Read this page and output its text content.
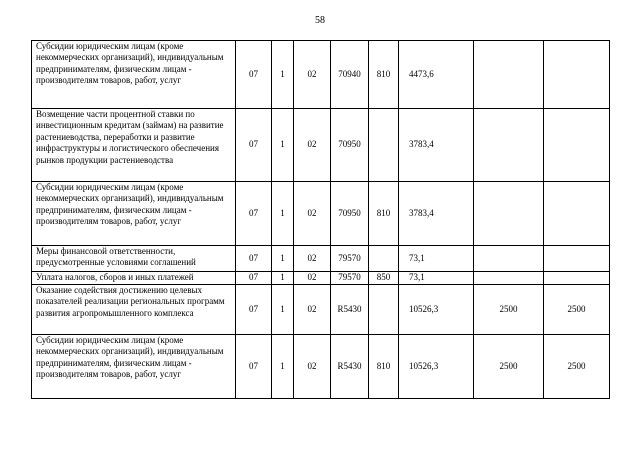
58
Субсидии юридическим лицам (кроме некоммерческих организаций), индивидуальным предпринимателям, физическим лицам - производителям товаров, работ, услуг	07	1	02	70940	810	4473,6		
Возмещение части процентной ставки по инвестиционным кредитам (займам) на развитие растениеводства, переработки и развитие инфраструктуры и логистического обеспечения рынков продукции растениеводства	07	1	02	70950		3783,4		
Субсидии юридическим лицам (кроме некоммерческих организаций), индивидуальным предпринимателям, физическим лицам - производителям товаров, работ, услуг	07	1	02	70950	810	3783,4		
Меры финансовой ответственности, предусмотренные условиями соглашений	07	1	02	79570		73,1		
Уплата налогов, сборов и иных платежей	07	1	02	79570	850	73,1		
Оказание содействия достижению целевых показателей реализации региональных программ развития агропромышленного комплекса	07	1	02	R5430		10526,3	2500	2500
Субсидии юридическим лицам (кроме некоммерческих организаций), индивидуальным предпринимателям, физическим лицам - производителям товаров, работ, услуг	07	1	02	R5430	810	10526,3	2500	2500
